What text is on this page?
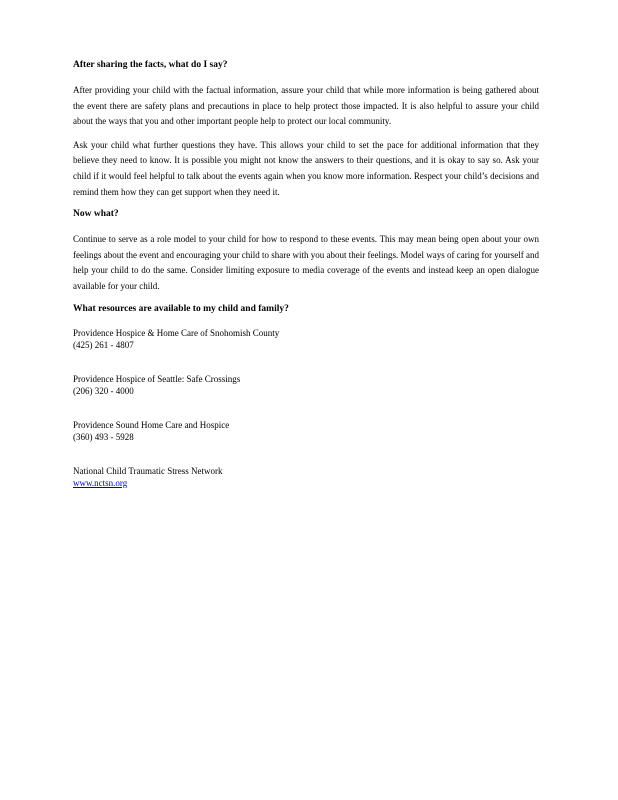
After sharing the facts, what do I say?

After providing your child with the factual information, assure your child that while more information is being gathered about the event there are safety plans and precautions in place to help protect those impacted. It is also helpful to assure your child about the ways that you and other important people help to protect our local community.

Ask your child what further questions they have. This allows your child to set the pace for additional information that they believe they need to know. It is possible you might not know the answers to their questions, and it is okay to say so. Ask your child if it would feel helpful to talk about the events again when you know more information. Respect your child’s decisions and remind them how they can get support when they need it.

Now what?

Continue to serve as a role model to your child for how to respond to these events. This may mean being open about your own feelings about the event and encouraging your child to share with you about their feelings. Model ways of caring for yourself and help your child to do the same. Consider limiting exposure to media coverage of the events and instead keep an open dialogue available for your child.

What resources are available to my child and family?
Providence Hospice & Home Care of Snohomish County
(425) 261 - 4807
Providence Hospice of Seattle: Safe Crossings
(206) 320 - 4000
Providence Sound Home Care and Hospice
(360) 493 - 5928
National Child Traumatic Stress Network
www.nctsn.org
